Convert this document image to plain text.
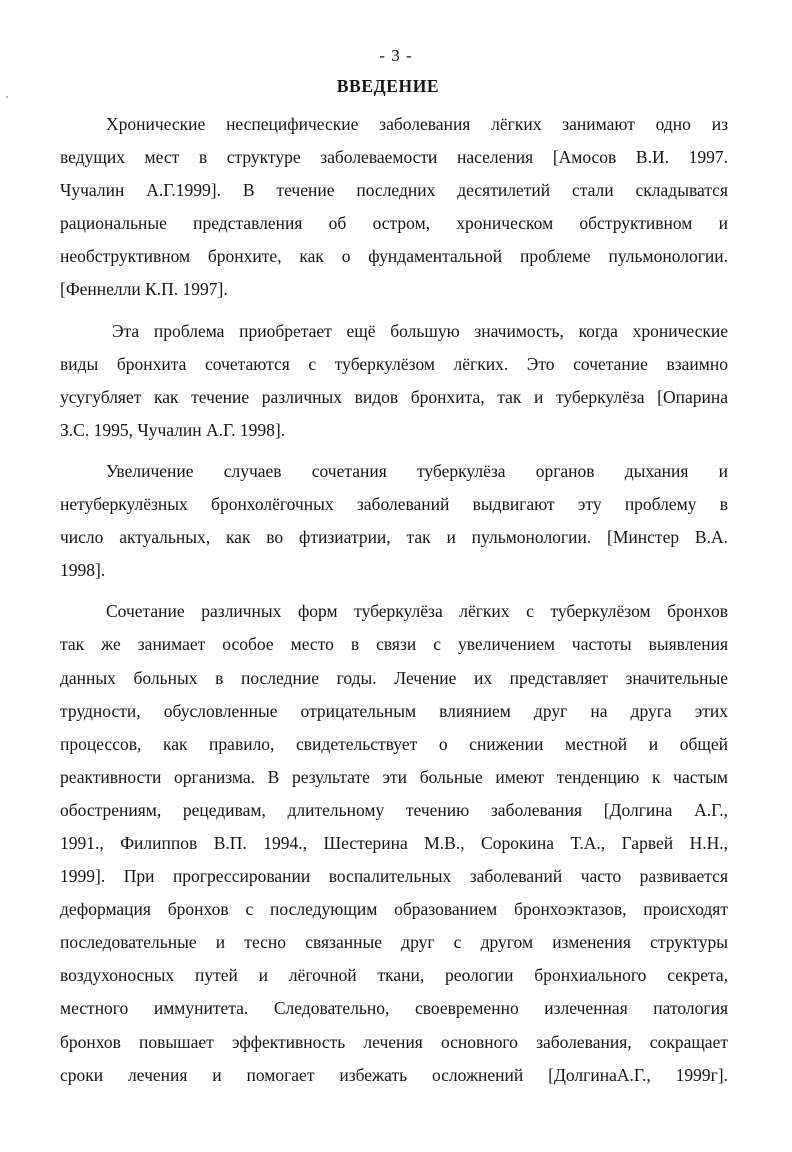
- 3 -
ВВЕДЕНИЕ
Хронические неспецифические заболевания лёгких занимают одно из
ведущих мест в структуре заболеваемости населения [Амосов В.И. 1997.
Чучалин А.Г.1999]. В течение последних десятилетий стали складыватся
рациональные представления об остром, хроническом обструктивном и
необструктивном бронхите, как о фундаментальной проблеме пульмонологии.
[Феннелли К.П. 1997].
Эта проблема приобретает ещё большую значимость, когда хронические
виды бронхита сочетаются с туберкулёзом лёгких. Это сочетание взаимно
усугубляет как течение различных видов бронхита, так и туберкулёза [Опарина
З.С. 1995, Чучалин А.Г. 1998].
Увеличение случаев сочетания туберкулёза органов дыхания и
нетуберкулёзных бронхолёгочных заболеваний выдвигают эту проблему в
число актуальных, как во фтизиатрии, так и пульмонологии. [Минстер В.А.
1998].
Сочетание различных форм туберкулёза лёгких с туберкулёзом бронхов
так же занимает особое место в связи с увеличением частоты выявления
данных больных в последние годы. Лечение их представляет значительные
трудности, обусловленные отрицательным влиянием друг на друга этих
процессов, как правило, свидетельствует о снижении местной и общей
реактивности организма. В результате эти больные имеют тенденцию к частым
обострениям, рецедивам, длительному течению заболевания [Долгина А.Г.,
1991., Филиппов В.П. 1994., Шестерина М.В., Сорокина Т.А., Гарвей Н.Н.,
1999]. При прогрессировании воспалительных заболеваний часто развивается
деформация бронхов с последующим образованием бронхоэктазов, происходят
последовательные и тесно связанные друг с другом изменения структуры
воздухоносных путей и лёгочной ткани, реологии бронхиального секрета,
местного иммунитета. Следовательно, своевременно излеченная патология
бронхов повышает эффективность лечения основного заболевания, сокращает
сроки лечения и помогает избежать осложнений [ДолгинаА.Г., 1999г].
